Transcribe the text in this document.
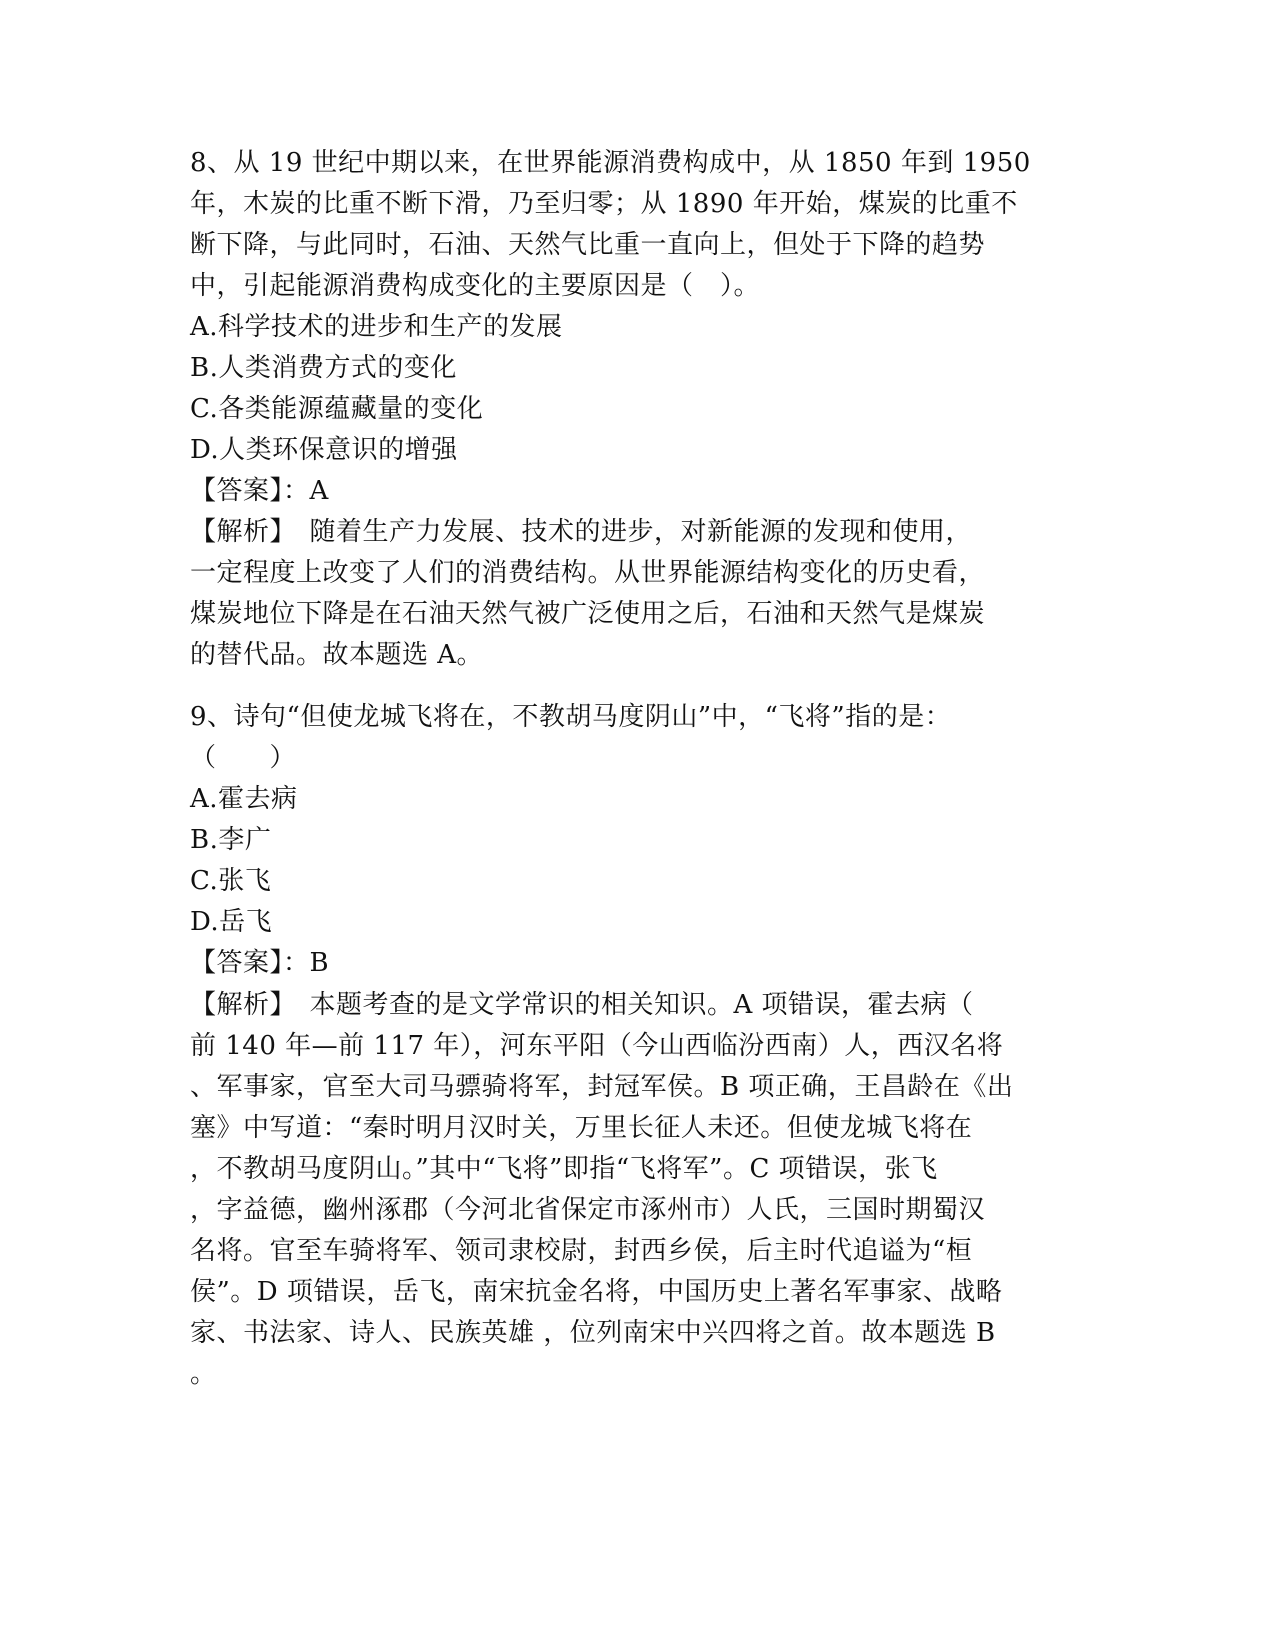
8、从 19 世纪中期以来，在世界能源消费构成中，从 1850 年到 1950
年，木炭的比重不断下滑，乃至归零；从 1890 年开始，煤炭的比重不
断下降，与此同时，石油、天然气比重一直向上，但处于下降的趋势
中，引起能源消费构成变化的主要原因是（　）。
A.科学技术的进步和生产的发展
B.人类消费方式的变化
C.各类能源蕴藏量的变化
D.人类环保意识的增强
【答案】：A
【解析】　随着生产力发展、技术的进步，对新能源的发现和使用，
一定程度上改变了人们的消费结构。从世界能源结构变化的历史看，
煤炭地位下降是在石油天然气被广泛使用之后，石油和天然气是煤炭
的替代品。故本题选 A。
9、诗句“但使龙城飞将在，不教胡马度阴山”中，“飞将”指的是：
（　　）
A.霍去病
B.李广
C.张飞
D.岳飞
【答案】：B
【解析】　本题考查的是文学常识的相关知识。A 项错误，霍去病（
前 140 年—前 117 年），河东平阳（今山西临汾西南）人，西汉名将
、军事家，官至大司马骠骑将军，封冠军侯。B 项正确，王昌龄在《出
塞》中写道：“秦时明月汉时关，万里长征人未还。但使龙城飞将在
，不教胡马度阴山。”其中“飞将”即指“飞将军”。C 项错误，张飞
，字益德，幽州涿郡（今河北省保定市涿州市）人氏，三国时期蜀汉
名将。官至车骑将军、领司隶校尉，封西乡侯，后主时代追谥为“桓
侯”。D 项错误，岳飞，南宋抗金名将，中国历史上著名军事家、战略
家、书法家、诗人、民族英雄 ，位列南宋中兴四将之首。故本题选 B
。
